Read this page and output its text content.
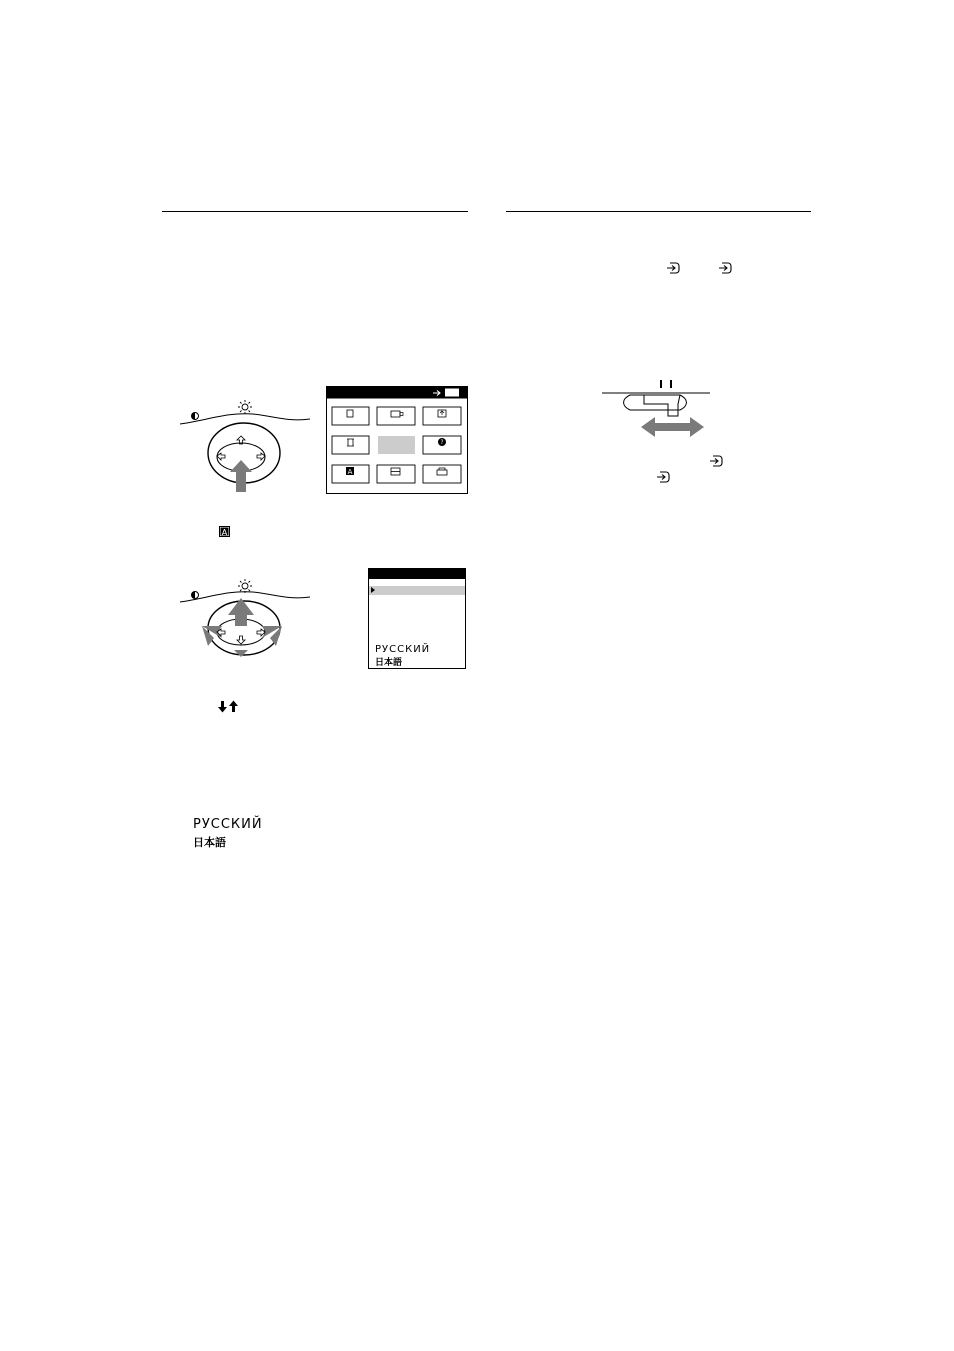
?
A
A
РУССКИЙ
日本語
РУССКИЙ
日本語
